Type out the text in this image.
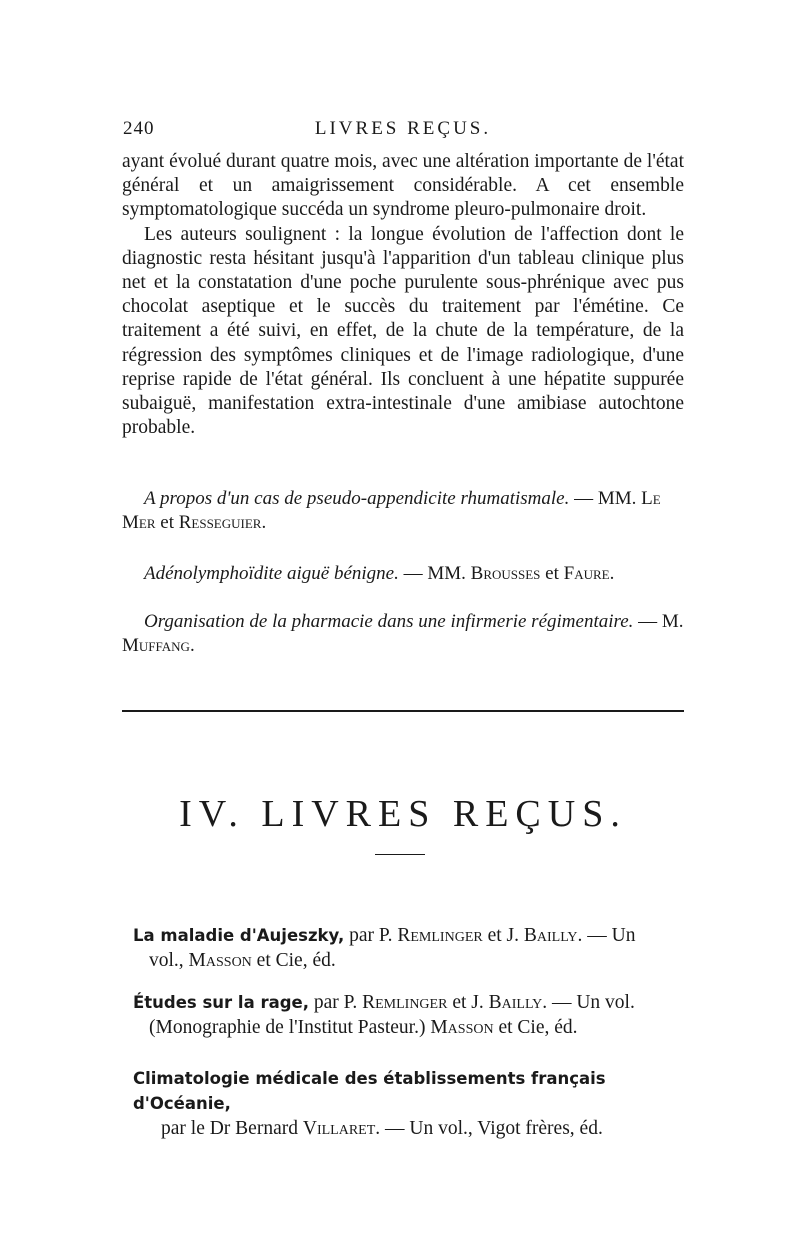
240	LIVRES REÇUS.

ayant évolué durant quatre mois, avec une altération importante de l'état général et un amaigrissement considérable. A cet ensemble symptomatologique succéda un syndrome pleuro-pulmonaire droit.

Les auteurs soulignent : la longue évolution de l'affection dont le diagnostic resta hésitant jusqu'à l'apparition d'un tableau clinique plus net et la constatation d'une poche purulente sous-phrénique avec pus chocolat aseptique et le succès du traitement par l'émétine. Ce traitement a été suivi, en effet, de la chute de la température, de la régression des symptômes cliniques et de l'image radiologique, d'une reprise rapide de l'état général. Ils concluent à une hépatite suppurée subaiguë, manifestation extra-intestinale d'une amibiase autochtone probable.

A propos d'un cas de pseudo-appendicite rhumatismale. — MM. Le Mer et Resseguier.
Adénolymphoïdite aiguë bénigne. — MM. Brousses et Faure.
Organisation de la pharmacie dans une infirmerie régimentaire. — M. Muffang.
IV. LIVRES REÇUS.
La maladie d'Aujeszky, par P. Remlinger et J. Bailly. — Un
vol., Masson et Cie, éd.
Études sur la rage, par P. Remlinger et J. Bailly. — Un vol.
(Monographie de l'Institut Pasteur.) Masson et Cie, éd.
Climatologie médicale des établissements français d'Océanie,
par le Dr Bernard Villaret. — Un vol., Vigot frères, éd.
